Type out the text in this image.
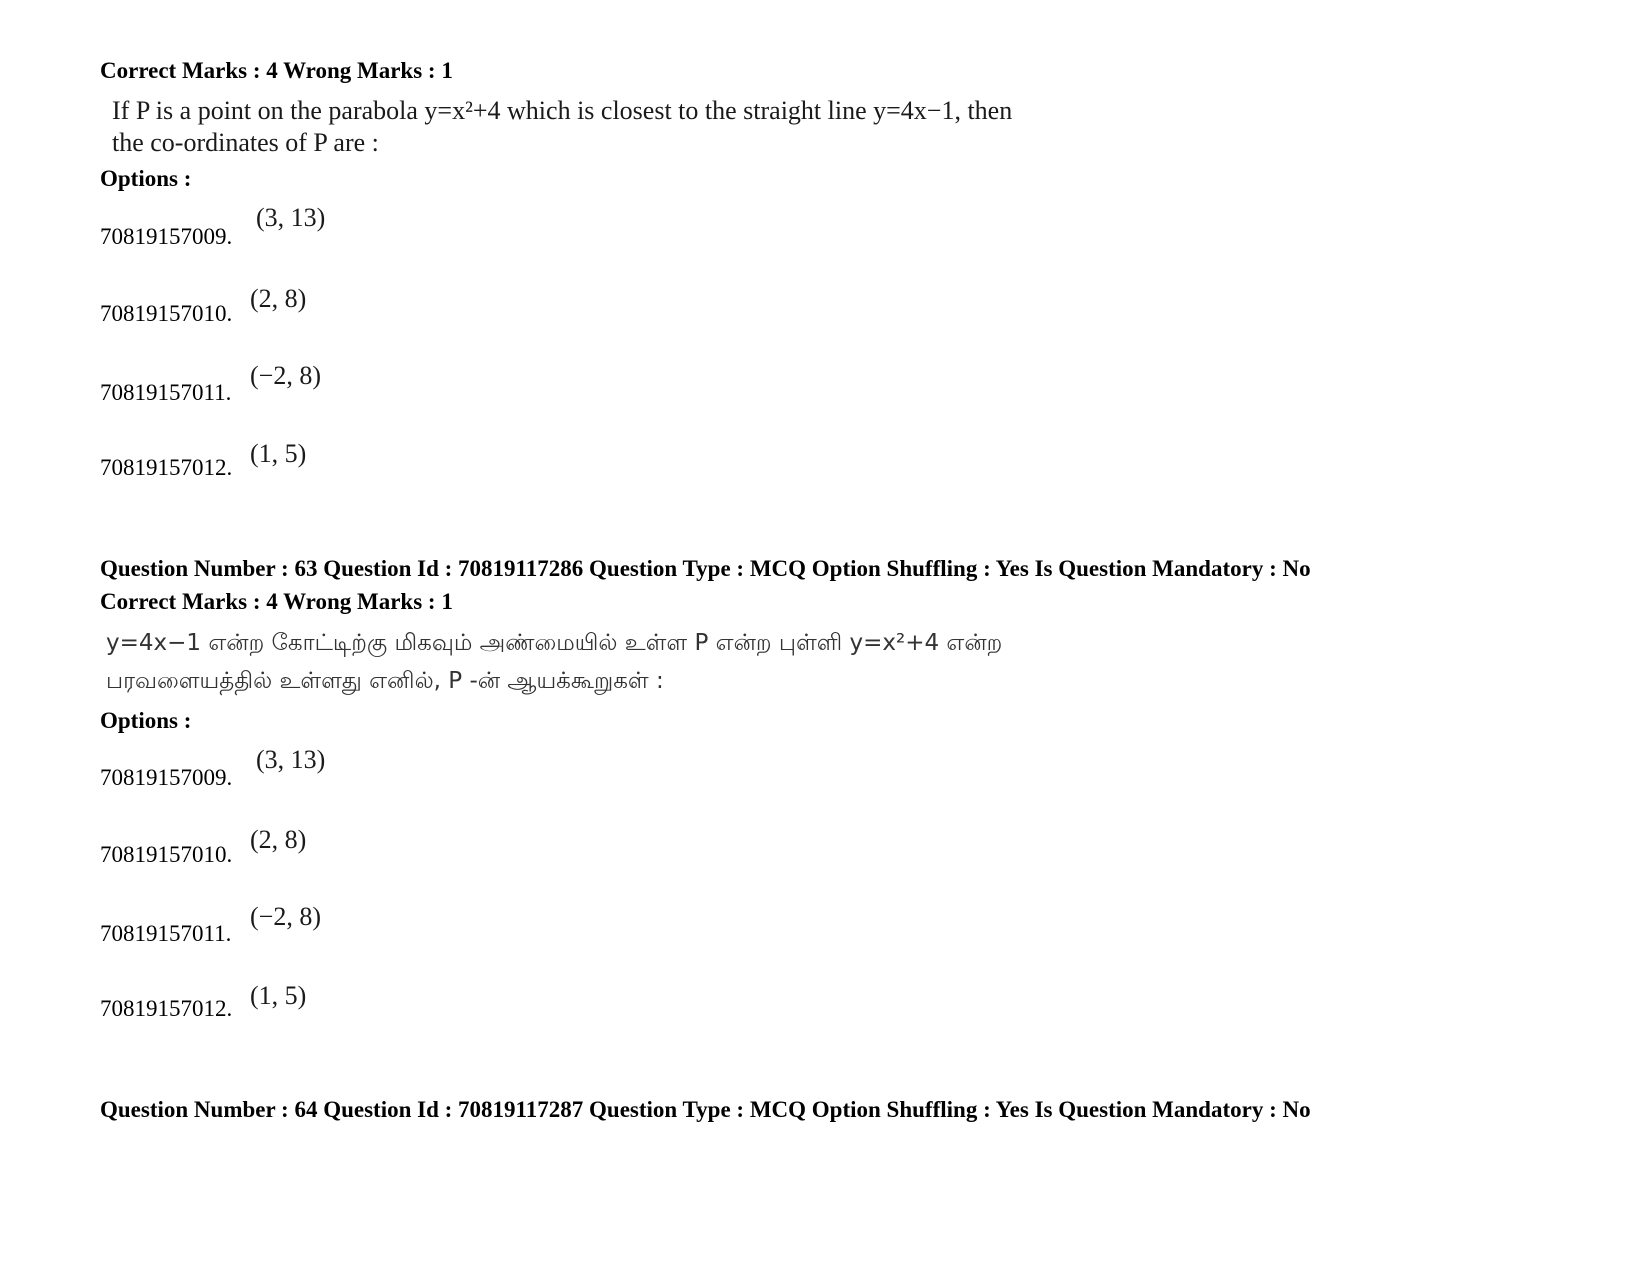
Correct Marks : 4 Wrong Marks : 1
If P is a point on the parabola y=x²+4 which is closest to the straight line y=4x−1, then
the co-ordinates of P are :
Options :
70819157009.
(3, 13)
70819157010.
(2, 8)
70819157011.
(−2, 8)
70819157012. (1, 5)
Question Number : 63 Question Id : 70819117286 Question Type : MCQ Option Shuffling : Yes Is Question Mandatory : No
Correct Marks : 4 Wrong Marks : 1
y=4x−1 என்ற கோட்டிற்கு மிகவும் அண்மையில் உள்ள P என்ற புள்ளி y=x²+4 என்ற
பரவளையத்தில் உள்ளது எனில், P -ன் ஆயக்கூறுகள் :
Options :
70819157009.
(3, 13)
70819157010.
(2, 8)
70819157011.
(−2, 8)
70819157012. (1, 5)
Question Number : 64 Question Id : 70819117287 Question Type : MCQ Option Shuffling : Yes Is Question Mandatory : No
